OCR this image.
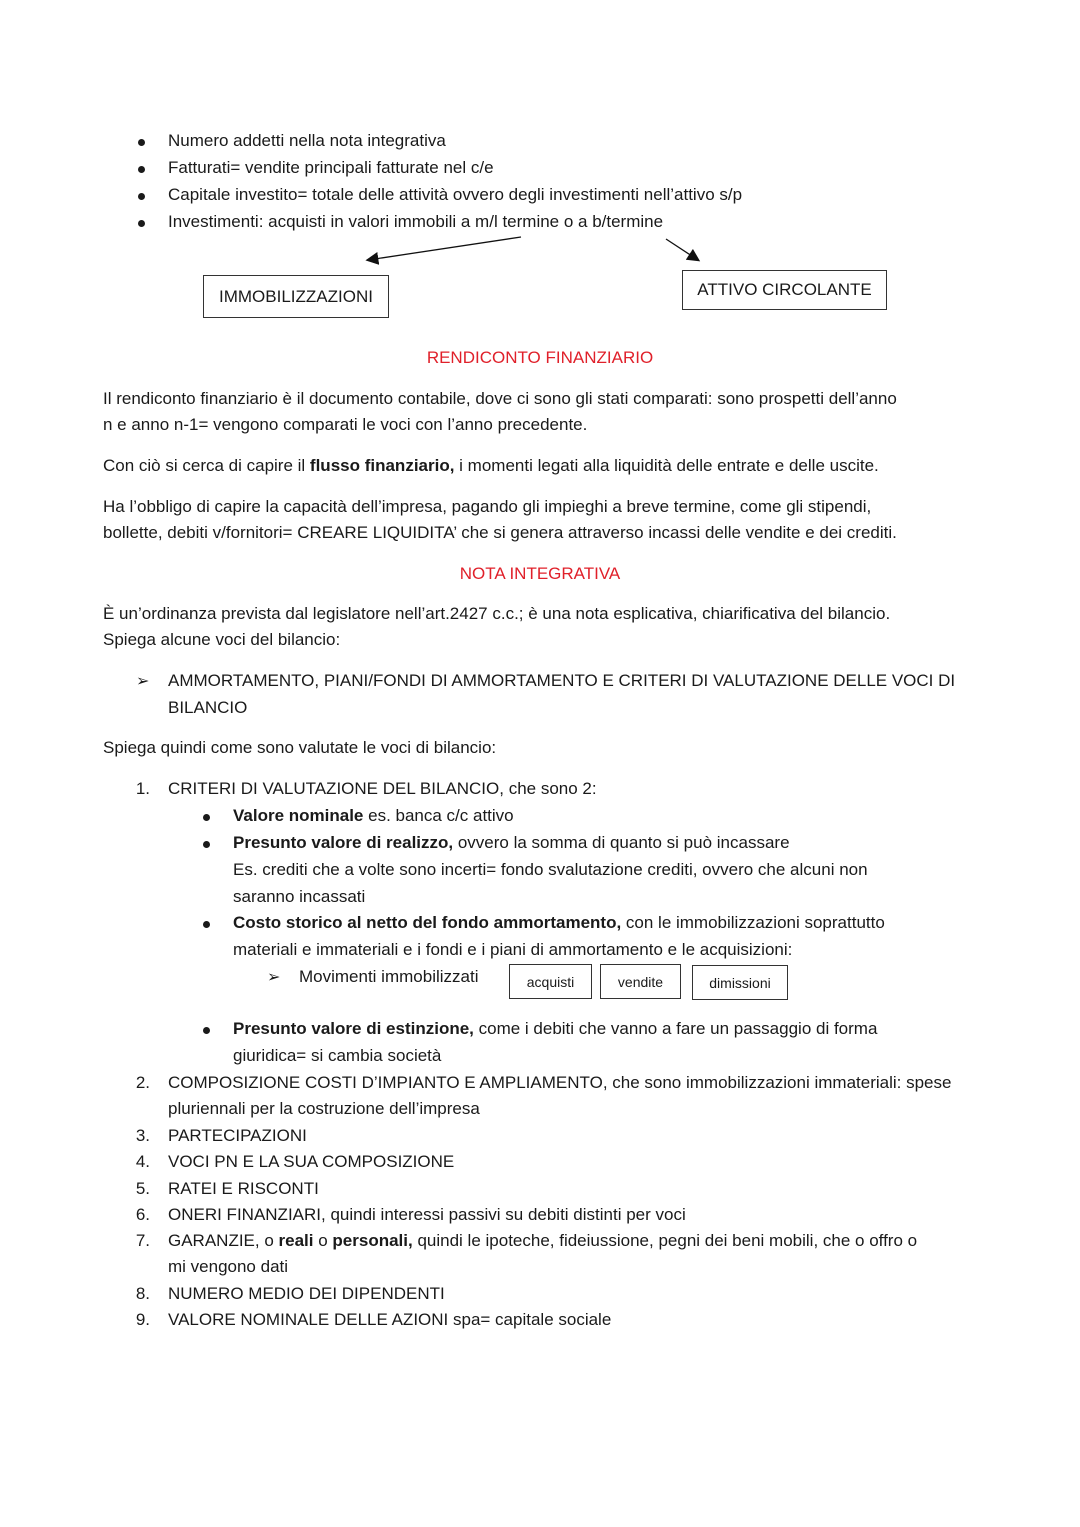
Numero addetti nella nota integrativa
Fatturati= vendite principali fatturate nel c/e
Capitale investito= totale delle attività ovvero degli investimenti nell’attivo s/p
Investimenti: acquisti in valori immobili a m/l termine o a b/termine
IMMOBILIZZAZIONI	ATTIVO CIRCOLANTE
RENDICONTO FINANZIARIO
Il rendiconto finanziario è il documento contabile, dove ci sono gli stati comparati: sono prospetti dell’anno
n e anno n-1= vengono comparati le voci con l’anno precedente.
Con ciò si cerca di capire il flusso finanziario, i momenti legati alla liquidità delle entrate e delle uscite.
Ha l’obbligo di capire la capacità dell’impresa, pagando gli impieghi a breve termine, come gli stipendi,
bollette, debiti v/fornitori= CREARE LIQUIDITA’ che si genera attraverso incassi delle vendite e dei crediti.
NOTA INTEGRATIVA
È un’ordinanza prevista dal legislatore nell’art.2427 c.c.; è una nota esplicativa, chiarificativa del bilancio.
Spiega alcune voci del bilancio:
➢ AMMORTAMENTO, PIANI/FONDI DI AMMORTAMENTO E CRITERI DI VALUTAZIONE DELLE VOCI DI
BILANCIO
Spiega quindi come sono valutate le voci di bilancio:
1. CRITERI DI VALUTAZIONE DEL BILANCIO, che sono 2:
Valore nominale es. banca c/c attivo
Presunto valore di realizzo, ovvero la somma di quanto si può incassare
Es. crediti che a volte sono incerti= fondo svalutazione crediti, ovvero che alcuni non
saranno incassati
Costo storico al netto del fondo ammortamento, con le immobilizzazioni soprattutto
materiali e immateriali e i fondi e i piani di ammortamento e le acquisizioni:
➢ Movimenti immobilizzati	acquisti	vendite	dimissioni
Presunto valore di estinzione, come i debiti che vanno a fare un passaggio di forma
giuridica= si cambia società
2. COMPOSIZIONE COSTI D’IMPIANTO E AMPLIAMENTO, che sono immobilizzazioni immateriali: spese
pluriennali per la costruzione dell’impresa
3. PARTECIPAZIONI
4. VOCI PN E LA SUA COMPOSIZIONE
5. RATEI E RISCONTI
6. ONERI FINANZIARI, quindi interessi passivi su debiti distinti per voci
7. GARANZIE, o reali o personali, quindi le ipoteche, fideiussione, pegni dei beni mobili, che o offro o
mi vengono dati
8. NUMERO MEDIO DEI DIPENDENTI
9. VALORE NOMINALE DELLE AZIONI spa= capitale sociale
